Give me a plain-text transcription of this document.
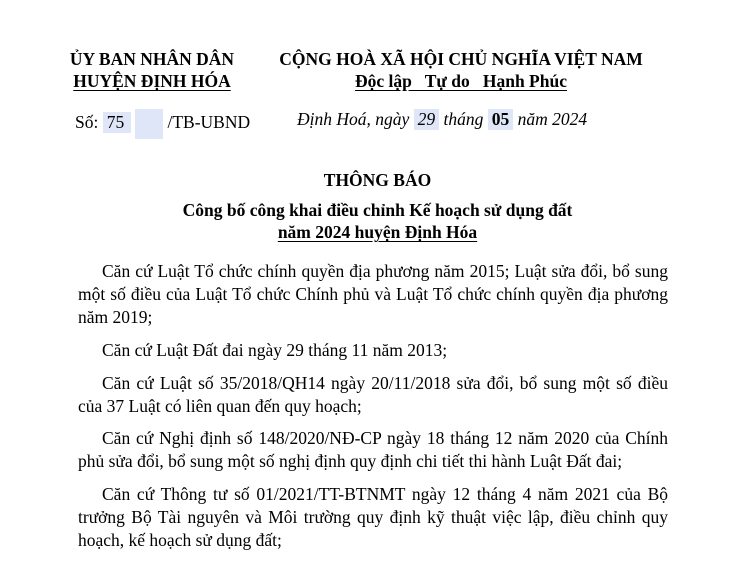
ỦY BAN NHÂN DÂN
HUYỆN ĐỊNH HÓA
CỘNG HOÀ XÃ HỘI CHỦ NGHĨA VIỆT NAM
Độc lập   Tự do   Hạnh Phúc
Số: 75 /TB-UBND	Định Hoá, ngày 29 tháng 05 năm 2024
THÔNG BÁO
Công bố công khai điều chỉnh Kế hoạch sử dụng đất
năm 2024 huyện Định Hóa
Căn cứ Luật Tổ chức chính quyền địa phương năm 2015; Luật sửa đổi, bổ sung một số điều của Luật Tổ chức Chính phủ và Luật Tổ chức chính quyền địa phương năm 2019;
Căn cứ Luật Đất đai ngày 29 tháng 11 năm 2013;
Căn cứ Luật số 35/2018/QH14 ngày 20/11/2018 sửa đổi, bổ sung một số điều của 37 Luật có liên quan đến quy hoạch;
Căn cứ Nghị định số 148/2020/NĐ-CP ngày 18 tháng 12 năm 2020 của Chính phủ sửa đổi, bổ sung một số nghị định quy định chi tiết thi hành Luật Đất đai;
Căn cứ Thông tư số 01/2021/TT-BTNMT ngày 12 tháng 4 năm 2021 của Bộ trưởng Bộ Tài nguyên và Môi trường quy định kỹ thuật việc lập, điều chỉnh quy hoạch, kế hoạch sử dụng đất;
